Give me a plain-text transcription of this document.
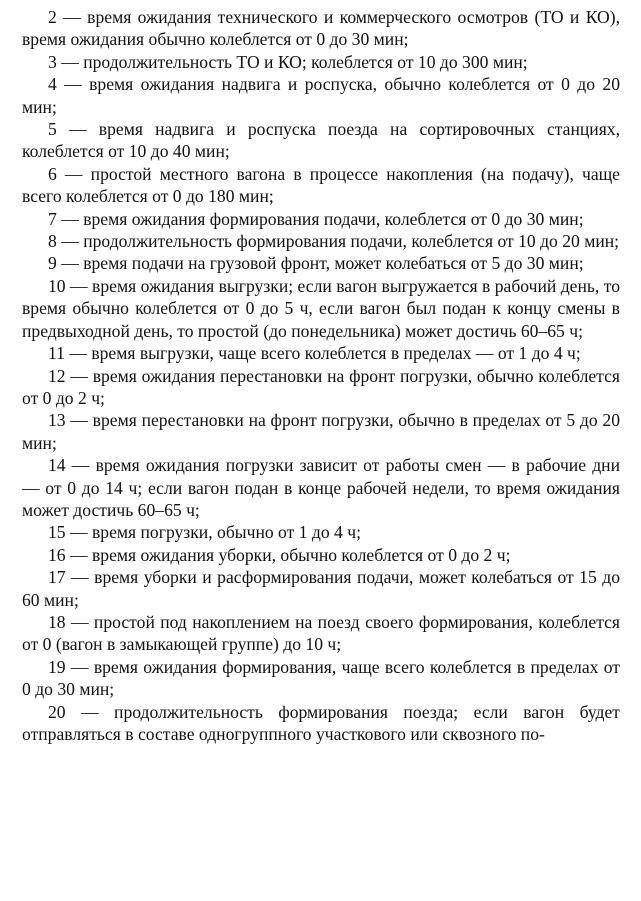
2 — время ожидания технического и коммерческого осмотров (ТО и КО), время ожидания обычно колеблется от 0 до 30 мин;

3 — продолжительность ТО и КО; колеблется от 10 до 300 мин;

4 — время ожидания надвига и роспуска, обычно колеблется от 0 до 20 мин;

5 — время надвига и роспуска поезда на сортировочных станциях, колеблется от 10 до 40 мин;

6 — простой местного вагона в процессе накопления (на подачу), чаще всего колеблется от 0 до 180 мин;

7 — время ожидания формирования подачи, колеблется от 0 до 30 мин;

8 — продолжительность формирования подачи, колеблется от 10 до 20 мин;

9 — время подачи на грузовой фронт, может колебаться от 5 до 30 мин;

10 — время ожидания выгрузки; если вагон выгружается в рабочий день, то время обычно колеблется от 0 до 5 ч, если вагон был подан к концу смены в предвыходной день, то простой (до понедельника) может достичь 60–65 ч;

11 — время выгрузки, чаще всего колеблется в пределах — от 1 до 4 ч;

12 — время ожидания перестановки на фронт погрузки, обычно колеблется от 0 до 2 ч;

13 — время перестановки на фронт погрузки, обычно в пределах от 5 до 20 мин;

14 — время ожидания погрузки зависит от работы смен — в рабочие дни — от 0 до 14 ч; если вагон подан в конце рабочей недели, то время ожидания может достичь 60–65 ч;

15 — время погрузки, обычно от 1 до 4 ч;

16 — время ожидания уборки, обычно колеблется от 0 до 2 ч;

17 — время уборки и расформирования подачи, может колебаться от 15 до 60 мин;

18 — простой под накоплением на поезд своего формирования, колеблется от 0 (вагон в замыкающей группе) до 10 ч;

19 — время ожидания формирования, чаще всего колеблется в пределах от 0 до 30 мин;

20 — продолжительность формирования поезда; если вагон будет отправляться в составе одногруппного участкового или сквозного по-
